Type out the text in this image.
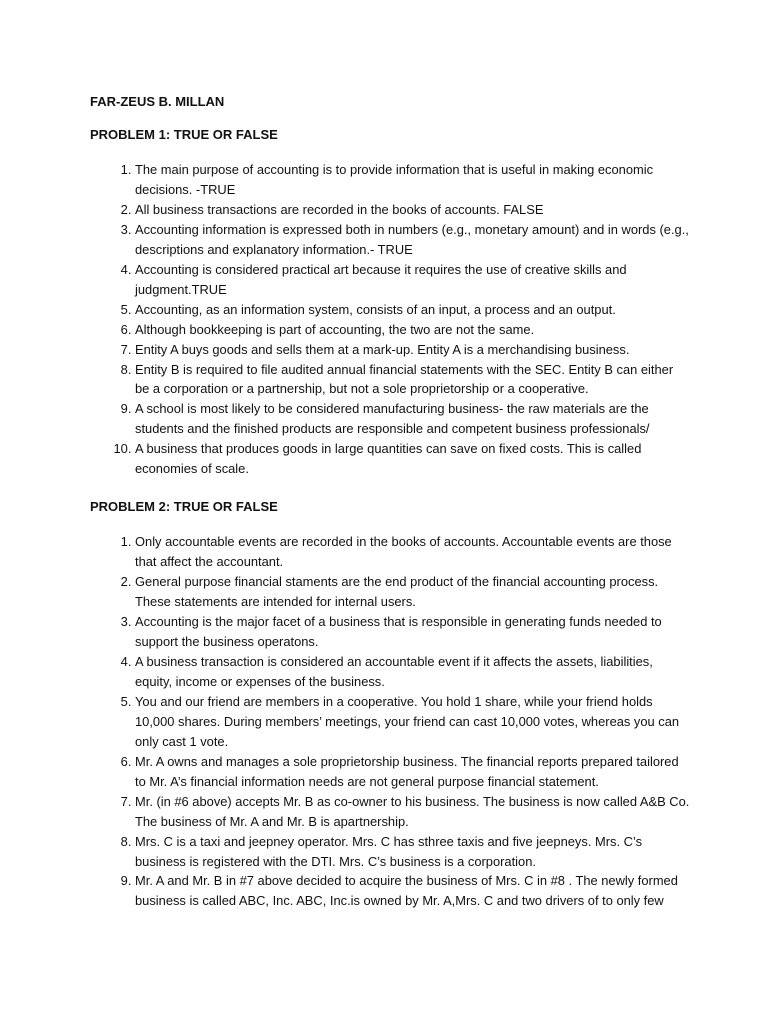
FAR-ZEUS B. MILLAN
PROBLEM 1: TRUE OR FALSE
1. The main purpose of accounting is to provide information that is useful in making economic decisions. -TRUE
2. All business transactions are recorded in the books of accounts. FALSE
3. Accounting information is expressed both in numbers (e.g., monetary amount) and in words (e.g., descriptions and explanatory information.- TRUE
4. Accounting is considered practical art because it requires the use of creative skills and judgment.TRUE
5. Accounting, as an information system, consists of an input, a process and an output.
6. Although bookkeeping is part of accounting, the two are not the same.
7. Entity A buys goods and sells them at a mark-up. Entity A is a merchandising business.
8. Entity B is required to file audited annual financial statements with the SEC. Entity B can either be a corporation or a partnership, but not a sole proprietorship or a cooperative.
9. A school is most likely to be considered manufacturing business- the raw materials are the students and the finished products are responsible and competent business professionals/
10. A business that produces goods in large quantities can save on fixed costs. This is called economies of scale.
PROBLEM 2: TRUE OR FALSE
1. Only accountable events are recorded in the books of accounts. Accountable events are those that affect the accountant.
2. General purpose financial staments are the end product of the financial accounting process. These statements are intended for internal users.
3. Accounting is the major facet of a business that is responsible in generating funds needed to support the business operatons.
4. A business transaction is considered an accountable event if it affects the assets, liabilities, equity, income or expenses of the business.
5. You and our friend are members in a cooperative. You hold 1 share, while your friend holds 10,000 shares. During members’ meetings, your friend can cast 10,000 votes, whereas you can only cast 1 vote.
6. Mr. A owns and manages a sole proprietorship business. The financial reports prepared tailored to Mr. A’s financial information needs are not general purpose financial statement.
7. Mr. (in #6 above) accepts Mr. B as co-owner to his business. The business is now called A&B Co. The business of Mr. A and Mr. B is apartnership.
8. Mrs. C is a taxi and jeepney operator. Mrs. C has sthree taxis and five jeepneys. Mrs. C’s business is registered with the DTI. Mrs. C’s business is a corporation.
9. Mr. A and Mr. B in #7 above decided to acquire the business of Mrs. C in #8 . The newly formed business is called ABC, Inc. ABC, Inc.is owned by Mr. A,Mrs. C and two drivers of to only few
